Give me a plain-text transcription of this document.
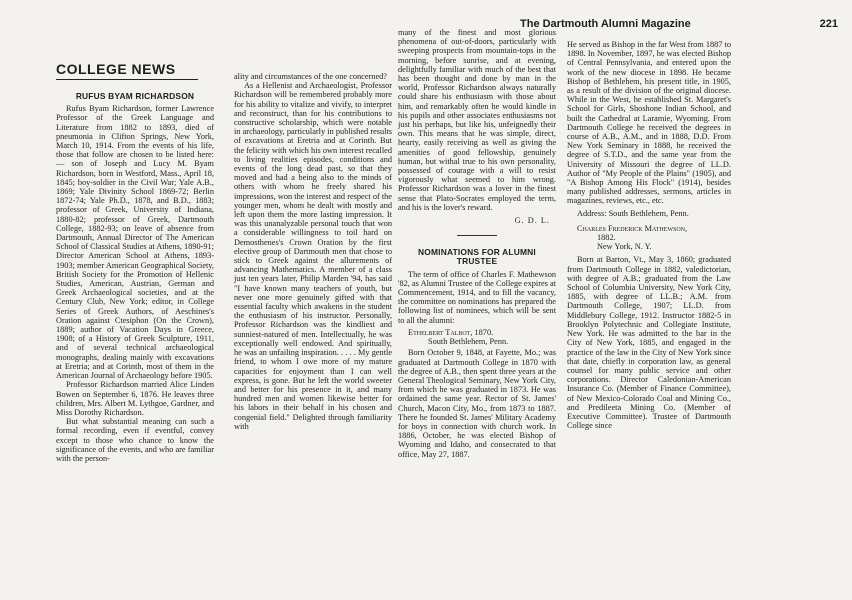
The Dartmouth Alumni Magazine	221
COLLEGE NEWS
RUFUS BYAM RICHARDSON

Rufus Byam Richardson, former Lawrence Professor of the Greek Language and Literature from 1882 to 1893, died of pneumonia in Clifton Springs, New York, March 10, 1914. From the events of his life, those that follow are chosen to be listed here:— son of Joseph and Lucy M. Byam Richardson, born in Westford, Mass., April 18, 1845; boy-soldier in the Civil War; Yale A.B., 1869; Yale Divinity School 1869-72; Berlin 1872-74; Yale Ph.D., 1878, and B.D., 1883; professor of Greek, University of Indiana, 1880-82; professor of Greek, Dartmouth College, 1882-93; on leave of absence from Dartmouth, Annual Director of The American School of Classical Studies at Athens, 1890-91; Director American School at Athens, 1893-1903; member American Geographical Society, British Society for the Promotion of Hellenic Studies, American, Austrian, German and Greek Archaeological societies, and at the Century Club, New York; editor, in College Series of Greek Authors, of Aeschines's Oration against Ctesiphon (On the Crown), 1889; author of Vacation Days in Greece, 1908; of a History of Greek Sculpture, 1911, and of several technical archaeological monographs, dealing mainly with excavations at Eretria; and at Corinth, most of them in the American Journal of Archaeology before 1905.

Professor Richardson married Alice Linden Bowen on September 6, 1876. He leaves three children, Mrs. Albert M. Lythgoe, Gardner, and Miss Dorothy Richardson.

But what substantial meaning can such a formal recording, even if eventful, convey except to those who chance to know the significance of the events, and who are familiar with the person-

ality and circumstances of the one concerned?

As a Hellenist and Archaeologist, Professor Richardson will be remembered probably more for his ability to vitalize and vivify, to interpret and reconstruct, than for his contributions to constructive scholarship, which were notable in archaeology, particularly in published results of excavations at Eretria and at Corinth. But the felicity with which his own interest recalled to living realities episodes, conditions and events of the long dead past, so that they moved and had a being also to the minds of others with whom he freely shared his impressions, won the interest and respect of the younger men, whom he dealt with mostly and left upon them the more lasting impression. It was this unanalyzable personal touch that won a considerable willingness to toil hard on Demosthenes's Crown Oration by the first elective group of Dartmouth men that chose to stick to Greek against the allurements of advancing Mathematics. A member of a class just ten years later, Philip Marden '94, has said "I have known many teachers of youth, but never one more genuinely gifted with that essential faculty which awakens in the student the enthusiasm of his instructor. Personally, Professor Richardson was the kindliest and sunniest-natured of men. Intellectually, he was exceptionally well endowed. And spiritually, he was an unfailing inspiration. . . . . My gentle friend, to whom I owe more of my mature capacities for enjoyment than I can well express, is gone. But he left the world sweeter and better for his presence in it, and many hundred men and women likewise better for his labors in their behalf in his chosen and congenial field." Delighted through familiarity with

many of the finest and most glorious phenomena of out-of-doors, particularly with sweeping prospects from mountain-tops in the morning, before sunrise, and at evening, delightfully familiar with much of the best that has been thought and done by man in the world, Professor Richardson always naturally could share his enthusiasm with those about him, and remarkably often he would kindle in his pupils and other associates enthusiasms not just his perhaps, but like his, unfeignedly their own. This means that he was simple, direct, hearty, easily receiving as well as giving the amenities of good fellowship, genuinely human, but withal true to his own personality, possessed of courage with a will to resist vigorously what seemed to him wrong. Professor Richardson was a lover in the finest sense that Plato-Socrates employed the term, and his is the lover's reward.

G. D. L.
NOMINATIONS FOR ALUMNI TRUSTEE

The term of office of Charles F. Mathewson '82, as Alumni Trustee of the College expires at Commencement, 1914, and to fill the vacancy, the committee on nominations has prepared the following list of nominees, which will be sent to all the alumni:

Ethelbert Talbot, 1870.

South Bethlehem, Penn.

Born October 9, 1848, at Fayette, Mo.; was graduated at Dartmouth College in 1870 with the degree of A.B., then spent three years at the General Theological Seminary, New York City, from which he was graduated in 1873. He was ordained the same year. Rector of St. James' Church, Macon City, Mo., from 1873 to 1887. There he founded St. James' Military Academy for boys in connection with church work. In 1886, October, he was elected Bishop of Wyoming and Idaho, and consecrated to that office, May 27, 1887.

He served as Bishop in the far West from 1887 to 1898. In November, 1897, he was elected Bishop of Central Pennsylvania, and entered upon the work of the new diocese in 1898. He became Bishop of Bethlehem, his present title, in 1905, as a result of the division of the original diocese. While in the West, he established St. Margaret's School for Girls, Shoshone Indian School, and built the Cathedral at Laramie, Wyoming. From Dartmouth College he received the degrees in course of A.B., A.M., and in 1888, D.D. From New York Seminary in 1888, he received the degree of S.T.D., and the same year from the University of Missouri the degree of LL.D. Author of "My People of the Plains" (1905), and "A Bishop Among His Flock" (1914), besides many published addresses, sermons, articles in magazines, reviews, etc., etc.

Address: South Bethlehem, Penn.

Charles Frederick Mathewson,

1882.

New York, N. Y.

Born at Barton, Vt., May 3, 1860; graduated from Dartmouth College in 1882, valedictorian, with degree of A.B.; graduated from the Law School of Columbia University, New York City, 1885, with degree of LL.B.; A.M. from Dartmouth College, 1907; LL.D. from Middlebury College, 1912. Instructor 1882-5 in Brooklyn Polytechnic and Collegiate Institute, New York. He was admitted to the bar in the City of New York, 1885, and engaged in the practice of the law in the City of New York since that date, chiefly in corporation law, as general counsel for many public service and other corporations. Director Caledonian-American Insurance Co. (Member of Finance Committee), of New Mexico-Colorado Coal and Mining Co., and Predileeta Mining Co. (Member of Executive Committee). Trustee of Dartmouth College since
